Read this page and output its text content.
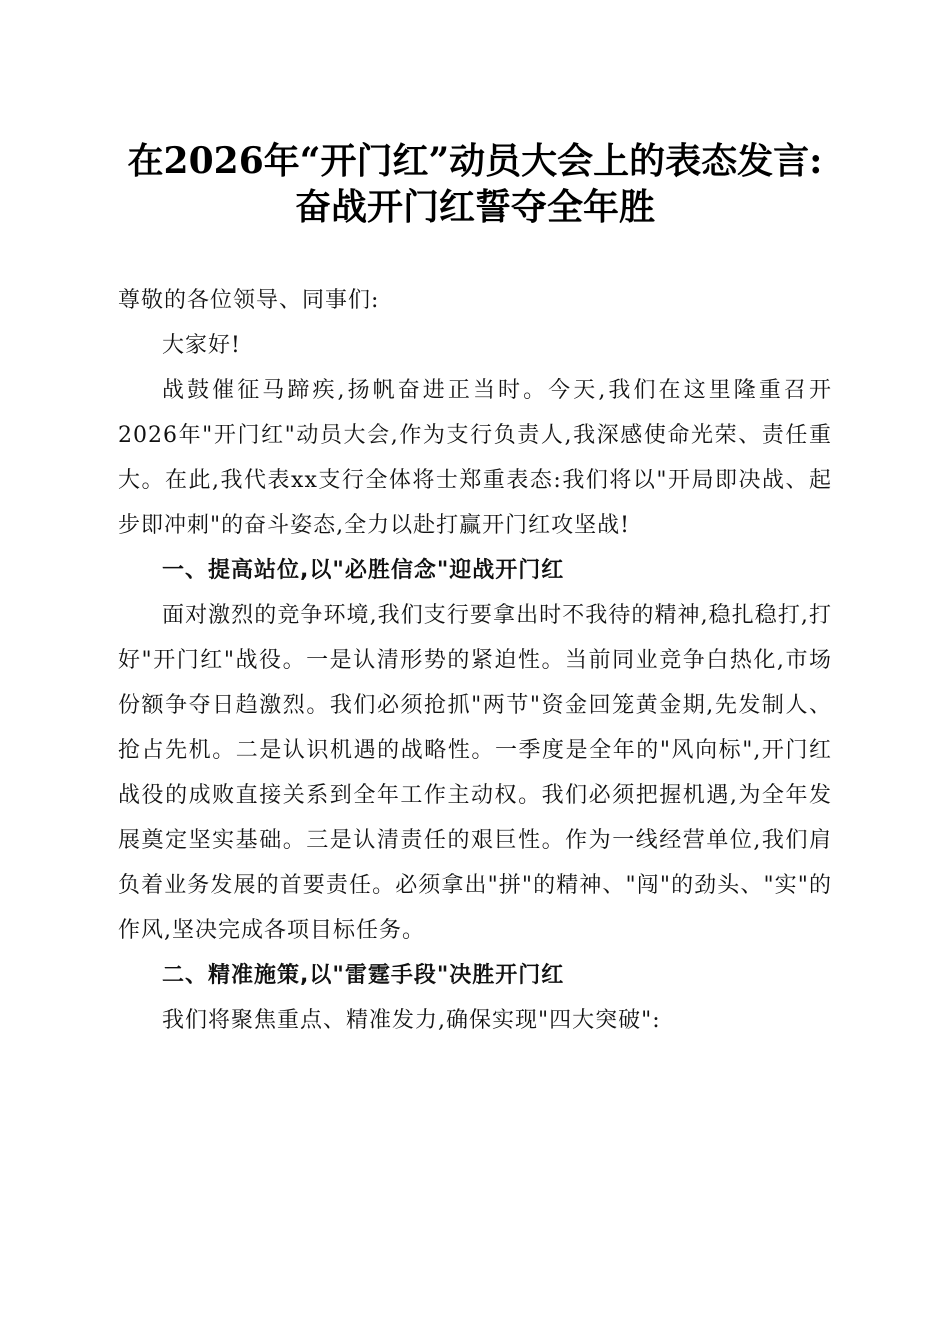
在2026年“开门红”动员大会上的表态发言:
奋战开门红誓夺全年胜

尊敬的各位领导、同事们:

大家好!

战鼓催征马蹄疾,扬帆奋进正当时。今天,我们在这里隆重召开2026年"开门红"动员大会,作为支行负责人,我深感使命光荣、责任重大。在此,我代表xx支行全体将士郑重表态:我们将以"开局即决战、起步即冲刺"的奋斗姿态,全力以赴打赢开门红攻坚战!

一、提高站位,以"必胜信念"迎战开门红

面对激烈的竞争环境,我们支行要拿出时不我待的精神,稳扎稳打,打好"开门红"战役。一是认清形势的紧迫性。当前同业竞争白热化,市场份额争夺日趋激烈。我们必须抢抓"两节"资金回笼黄金期,先发制人、抢占先机。二是认识机遇的战略性。一季度是全年的"风向标",开门红战役的成败直接关系到全年工作主动权。我们必须把握机遇,为全年发展奠定坚实基础。三是认清责任的艰巨性。作为一线经营单位,我们肩负着业务发展的首要责任。必须拿出"拼"的精神、"闯"的劲头、"实"的作风,坚决完成各项目标任务。

二、精准施策,以"雷霆手段"决胜开门红

我们将聚焦重点、精准发力,确保实现"四大突破":
